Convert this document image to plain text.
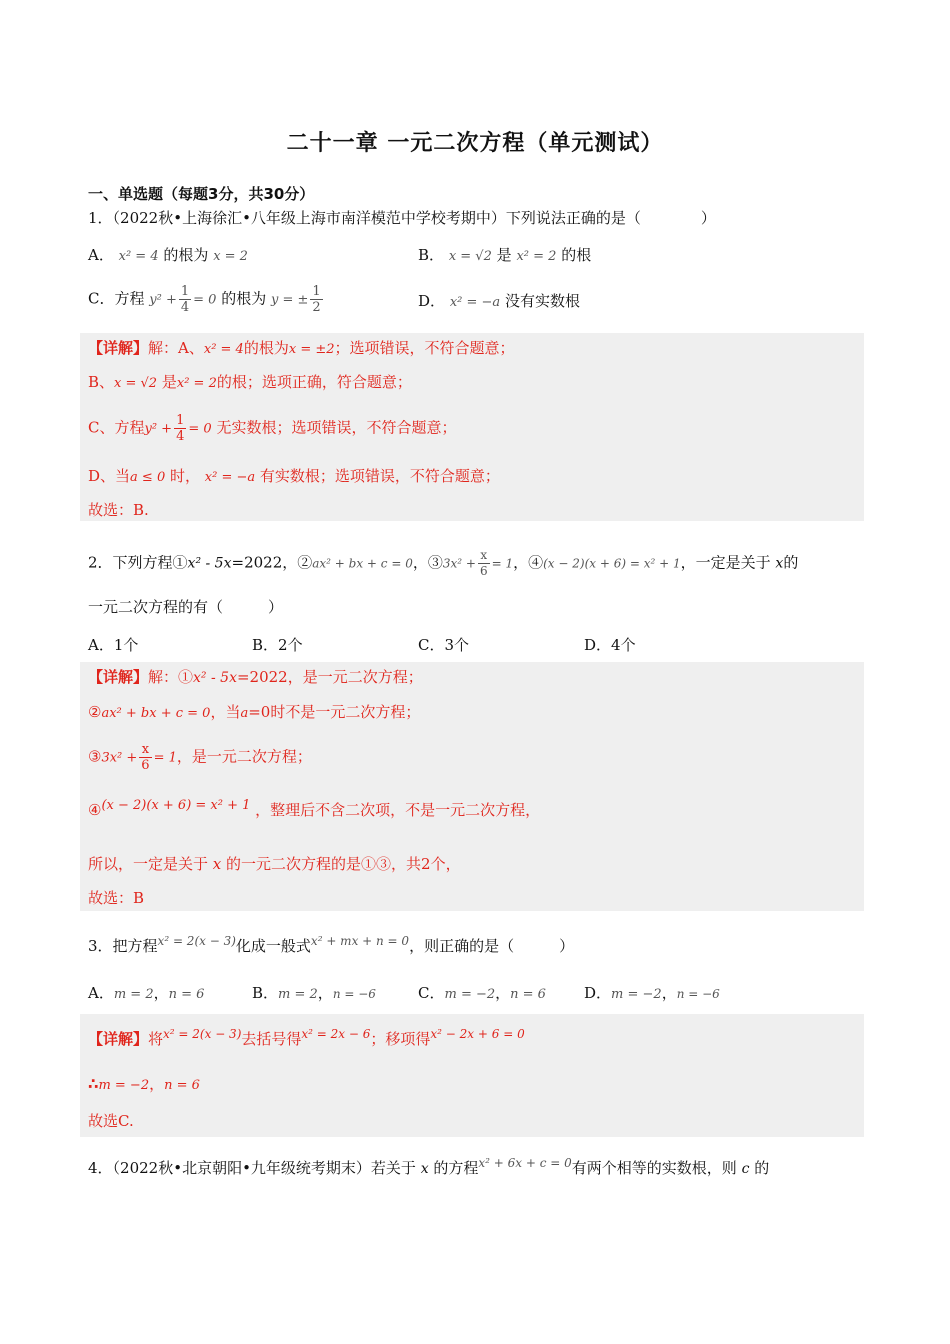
二十一章 一元二次方程（单元测试）
一、单选题（每题3分，共30分）
1．（2022秋•上海徐汇•八年级上海市南洋模范中学校考期中）下列说法正确的是（　　　　）
A． x² = 4 的根为 x = 2	B． x = √2 是 x² = 2 的根
C．方程 $y^2 + \frac{1}{4} = 0$ 的根为 y = ± $\frac{1}{2}$	D． x² = −a 没有实数根
【详解】解：A、x² = 4的根为x = ±2；选项错误，不符合题意；
B、x = √2 是x² = 2的根；选项正确，符合题意；
C、方程$y^2 + \frac{1}{4} = 0$ 无实数根；选项错误，不符合题意；
D、当a ≤ 0 时， x² = −a 有实数根；选项错误，不符合题意；
故选：B.
2．下列方程①x² - 5x=2022，②ax² + bx + c = 0，③3x² + $\frac{x}{6} = 1$，④(x − 2)(x + 6) = x² + 1，一定是关于 x的
一元二次方程的有（　　　）
A．1个	B．2个	C．3个	D．4个
【详解】解：①x² - 5x=2022，是一元二次方程；
②ax² + bx + c = 0，当a=0时不是一元二次方程；
③3x² + $\frac{x}{6} = 1$，是一元二次方程；
④(x − 2)(x + 6) = x² + 1 ，整理后不含二次项，不是一元二次方程，
所以，一定是关于 x 的一元二次方程的是①③，共2个，
故选：B
3．把方程$^{x^2 = 2(x - 3)}$化成一般式$^{x^2 + mx + n = 0}$，则正确的是（　　　）
A．m = 2，n = 6	B．m = 2，n = −6	C．m = −2，n = 6	D．m = −2，n = −6
【详解】将$^{x^2 = 2(x - 3)}$去括号得$^{x^2 = 2x - 6}$；移项得$^{x^2 - 2x + 6 = 0}$
∴m = −2，n = 6
故选C.
4．（2022秋•北京朝阳•九年级统考期末）若关于 x 的方程$^{x^2 + 6x + c = 0}$有两个相等的实数根，则 c 的
